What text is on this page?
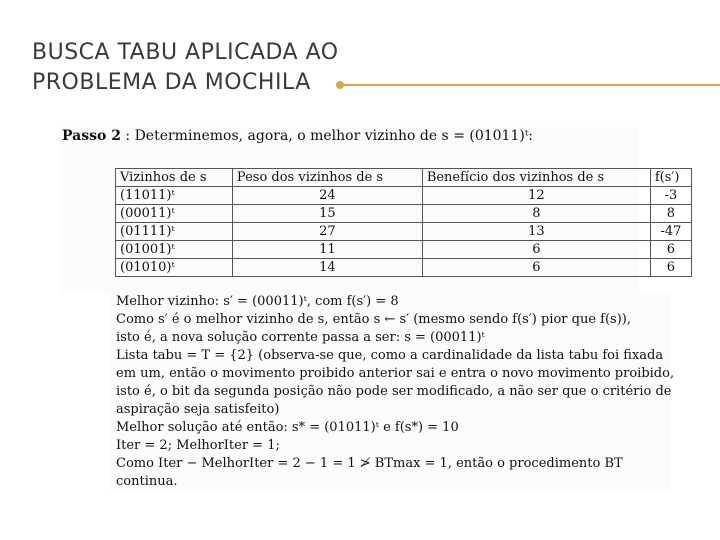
BUSCA TABU APLICADA AO
PROBLEMA DA MOCHILA
Passo 2 : Determinemos, agora, o melhor vizinho de s = (01011)ᵗ:
Vizinhos de s	Peso dos vizinhos de s	Benefício dos vizinhos de s	f(s′)
(11011)ᵗ	24	12	-3
(00011)ᵗ	15	8	8
(01111)ᵗ	27	13	-47
(01001)ᵗ	11	6	6
(01010)ᵗ	14	6	6
Melhor vizinho: s′ = (00011)ᵗ, com f(s′) = 8
Como s′ é o melhor vizinho de s, então s ← s′ (mesmo sendo f(s′) pior que f(s)),
isto é, a nova solução corrente passa a ser: s = (00011)ᵗ
Lista tabu = T = {2} (observa-se que, como a cardinalidade da lista tabu foi fixada
em um, então o movimento proibido anterior sai e entra o novo movimento proibido,
isto é, o bit da segunda posição não pode ser modificado, a não ser que o critério de
aspiração seja satisfeito)
Melhor solução até então: s* = (01011)ᵗ e f(s*) = 10
Iter = 2; MelhorIter = 1;
Como Iter − MelhorIter = 2 − 1 = 1 ≯ BTmax = 1, então o procedimento BT
continua.
